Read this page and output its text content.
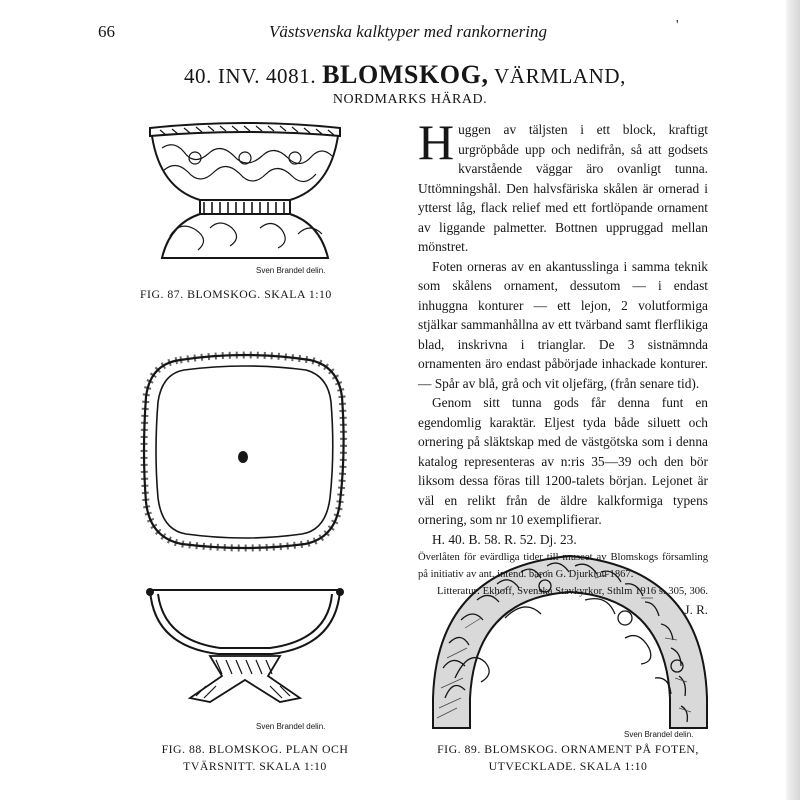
66	Västsvenska kalktyper med rankornering	'
40. INV. 4081. BLOMSKOG, VÄRMLAND,
NORDMARKS HÄRAD.
Sven Brandel delin.
FIG. 87. BLOMSKOG. SKALA 1:10
Sven Brandel delin.
FIG. 88. BLOMSKOG. PLAN OCH
TVÄRSNITT. SKALA 1:10
Sven Brandel delin.
FIG. 89. BLOMSKOG. ORNAMENT PÅ FOTEN,
UTVECKLADE. SKALA 1:10

Huggen av täljsten i ett block, kraftigt urgröpbåde upp och nedifrån, så att godsets kvarstående väggar äro ovanligt tunna. Uttömningshål. Den halvsfäriska skålen är ornerad i ytterst låg, flack relief med ett fortlöpande ornament av liggande palmetter. Bottnen uppruggad mellan mönstret.

Foten orneras av en akantusslinga i samma teknik som skålens ornament, dessutom — i endast inhuggna konturer — ett lejon, 2 volutformiga stjälkar sammanhållna av ett tvärband samt flerflikiga blad, inskrivna i trianglar. De 3 sistnämnda ornamenten äro endast påbörjade inhackade konturer. — Spår av blå, grå och vit oljefärg, (från senare tid).

Genom sitt tunna gods får denna funt en egendomlig karaktär. Eljest tyda både siluett och ornering på släktskap med de västgötska som i denna katalog representeras av n:ris 35—39 och den bör liksom dessa föras till 1200-talets början. Lejonet är väl en relikt från de äldre kalkformiga typens ornering, som nr 10 exemplifierar.

H. 40. B. 58. R. 52. Dj. 23.

Överlåten för evärdliga tider till museet av Blomskogs församling på initiativ av ant. intend. baron G. Djurklou 1867.

Litteratur: Ekhoff, Svenska Stavkyrkor, Sthlm 1916 s. 305, 306.

J. R.
